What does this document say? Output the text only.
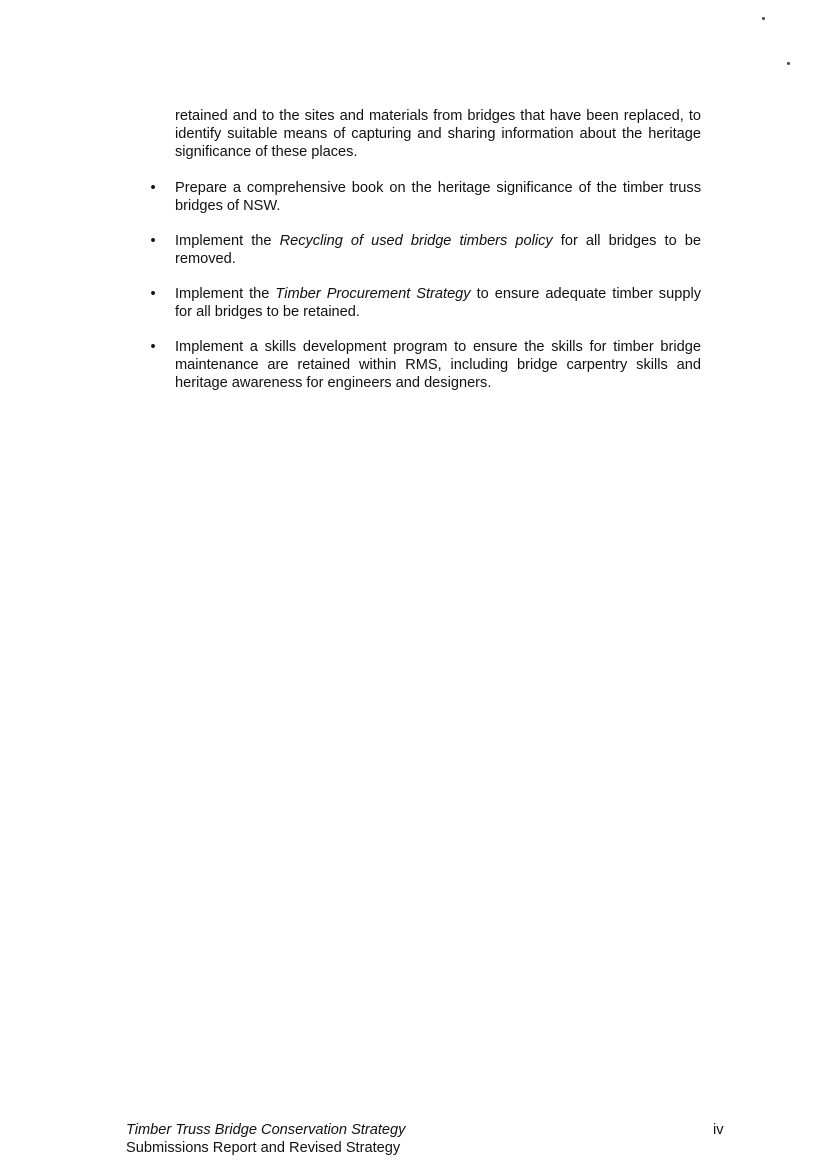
retained and to the sites and materials from bridges that have been replaced, to identify suitable means of capturing and sharing information about the heritage significance of these places.

• Prepare a comprehensive book on the heritage significance of the timber truss bridges of NSW.
• Implement the Recycling of used bridge timbers policy for all bridges to be removed.
• Implement the Timber Procurement Strategy to ensure adequate timber supply for all bridges to be retained.
• Implement a skills development program to ensure the skills for timber bridge maintenance are retained within RMS, including bridge carpentry skills and heritage awareness for engineers and designers.
Timber Truss Bridge Conservation Strategy
Submissions Report and Revised Strategy
iv
